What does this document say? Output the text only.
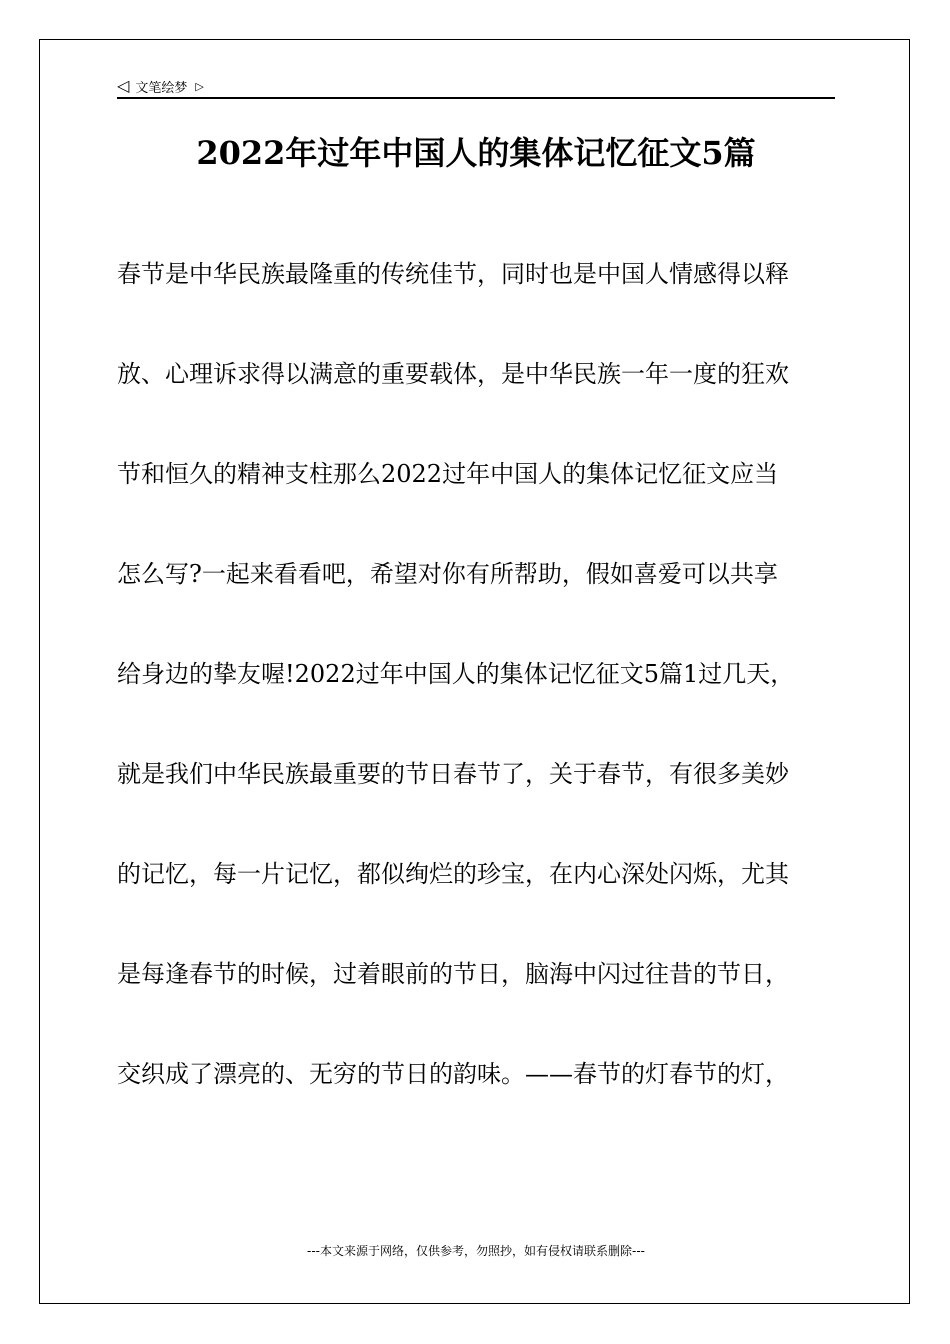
◁ 文笔绘梦 ▷
2022年过年中国人的集体记忆征文5篇

春节是中华民族最隆重的传统佳节，同时也是中国人情感得以释

放、心理诉求得以满意的重要载体，是中华民族一年一度的狂欢

节和恒久的精神支柱那么2022过年中国人的集体记忆征文应当

怎么写?一起来看看吧，希望对你有所帮助，假如喜爱可以共享

给身边的挚友喔!2022过年中国人的集体记忆征文5篇1过几天，

就是我们中华民族最重要的节日春节了，关于春节，有很多美妙

的记忆，每一片记忆，都似绚烂的珍宝，在内心深处闪烁，尤其

是每逢春节的时候，过着眼前的节日，脑海中闪过往昔的节日，

交织成了漂亮的、无穷的节日的韵味。——春节的灯春节的灯，

---本文来源于网络，仅供参考，勿照抄，如有侵权请联系删除---
